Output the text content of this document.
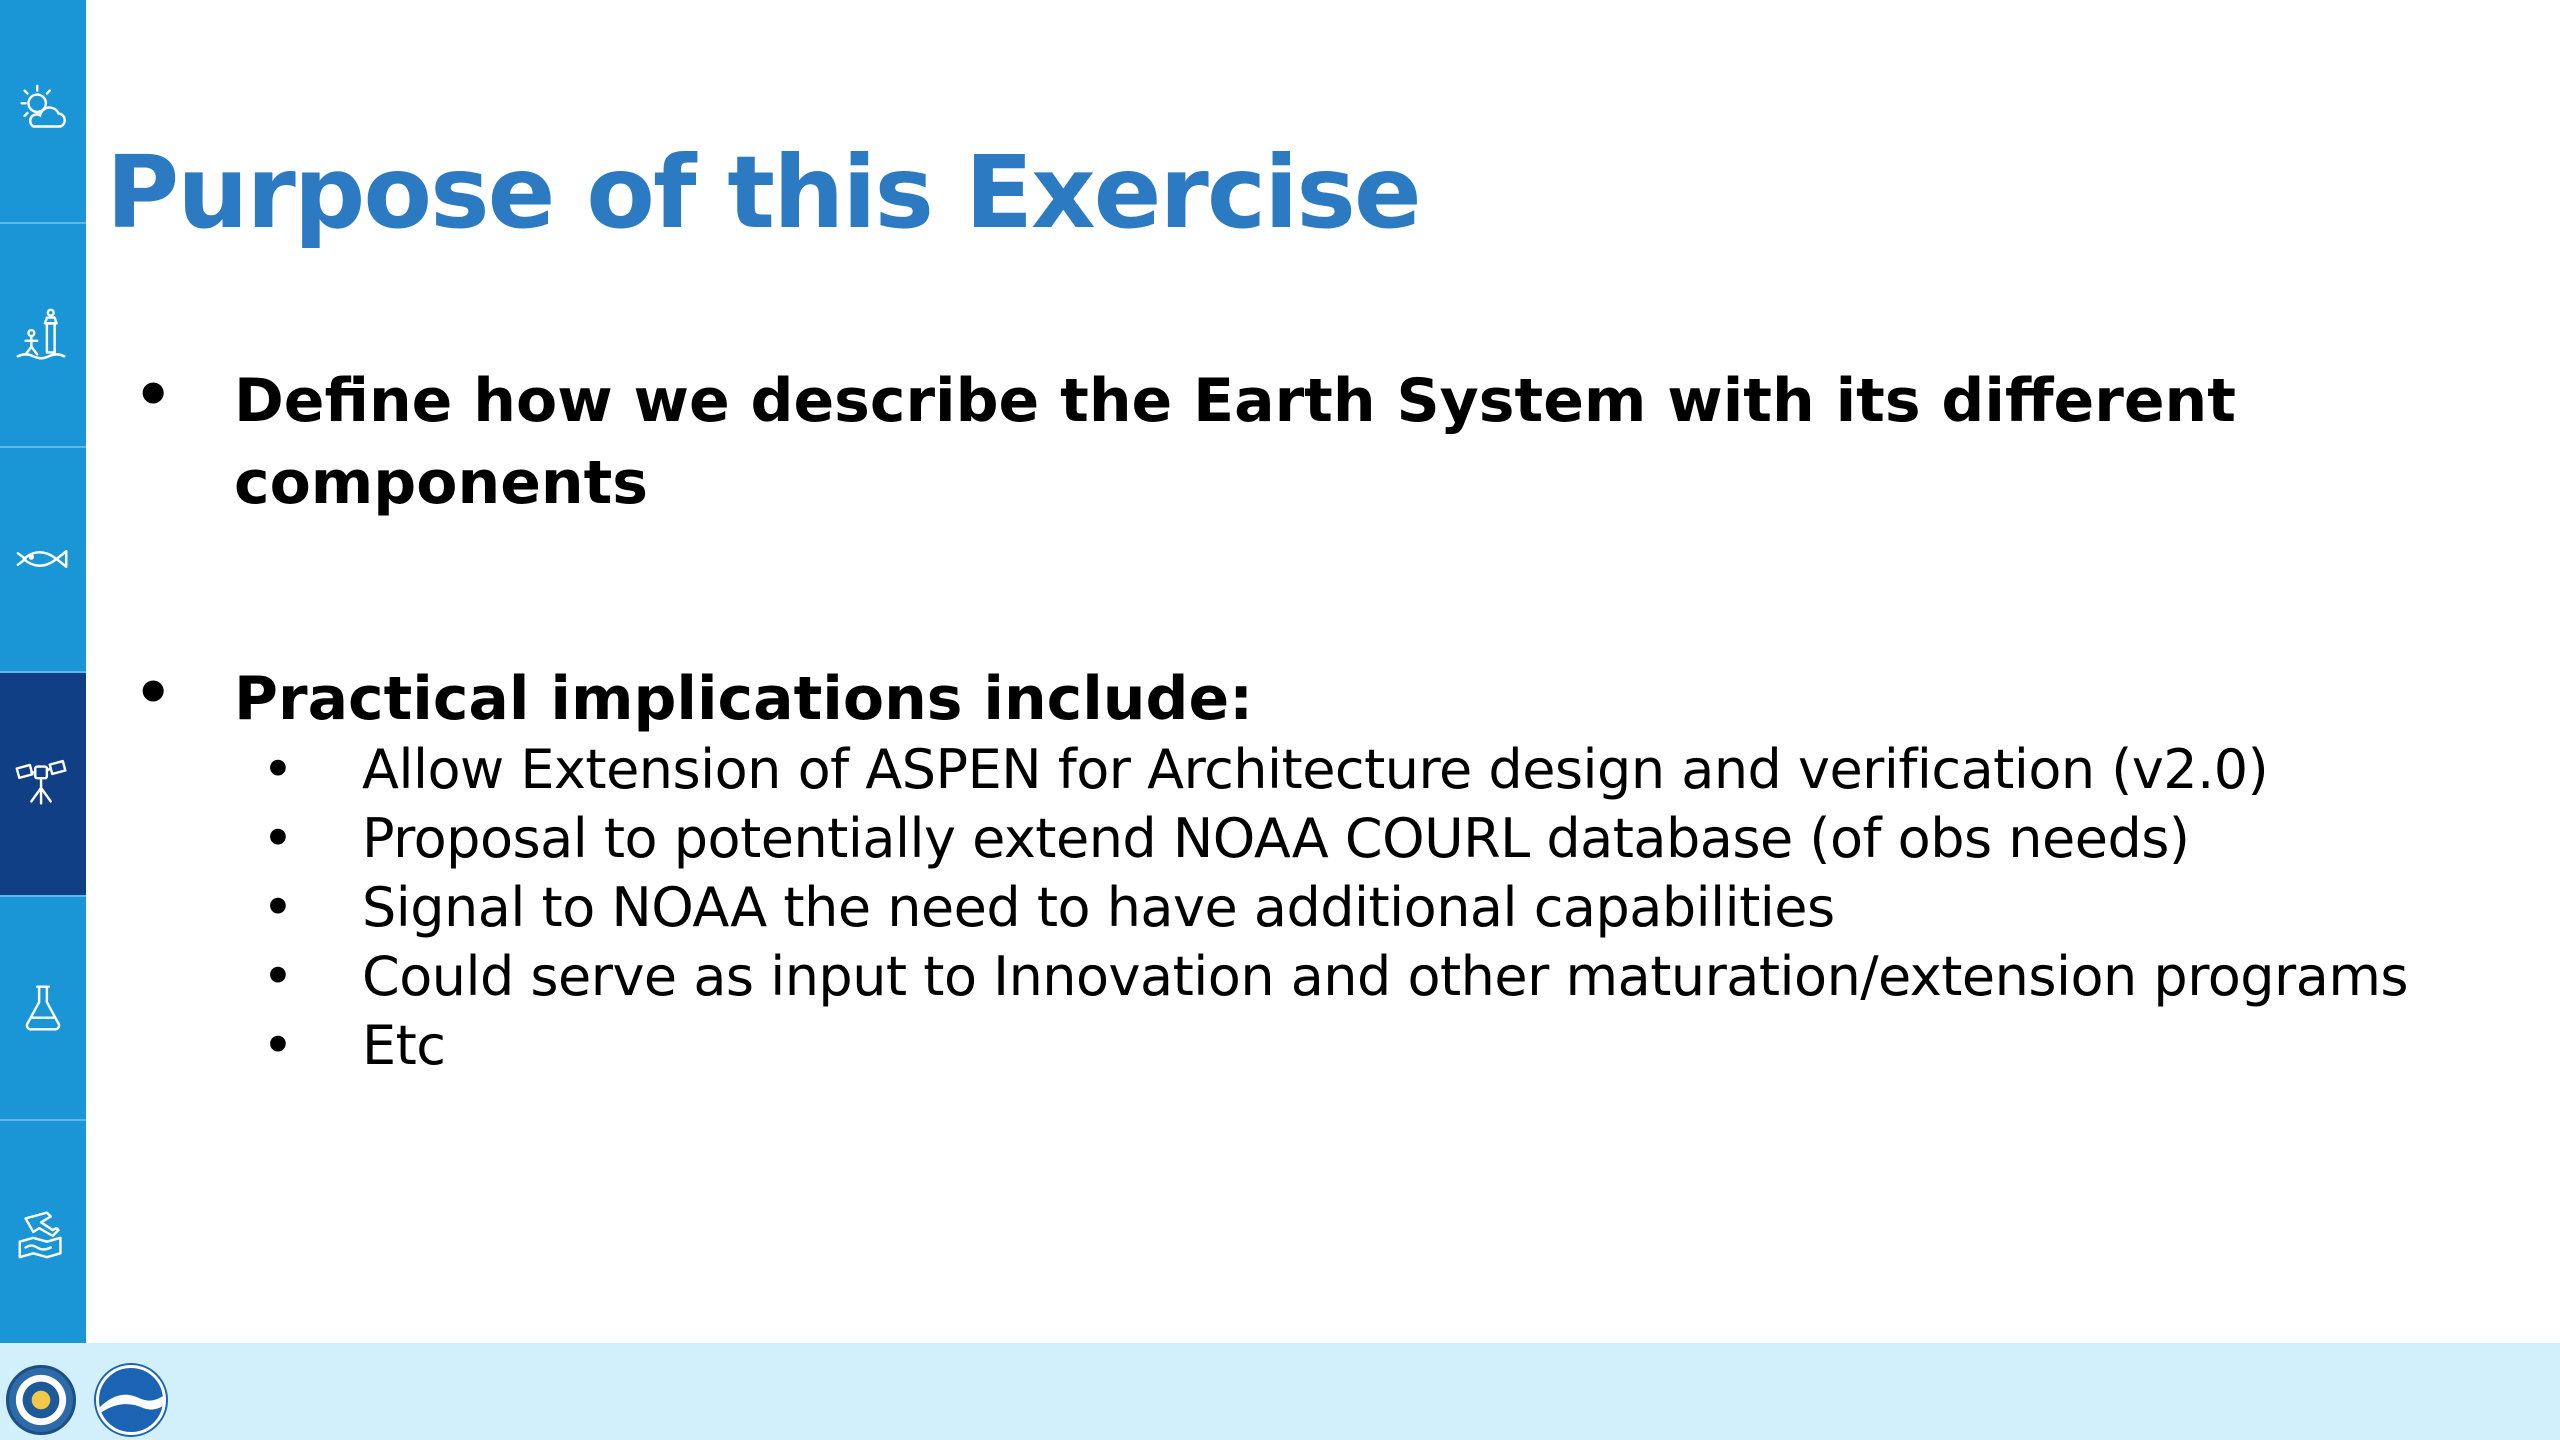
Purpose of this Exercise
• Define how we describe the Earth System with its different components

• Practical implications include:

• Allow Extension of ASPEN for Architecture design and verification (v2.0)
• Proposal to potentially extend NOAA COURL database (of obs needs)
• Signal to NOAA the need to have additional capabilities
• Could serve as input to Innovation and other maturation/extension programs
• Etc
